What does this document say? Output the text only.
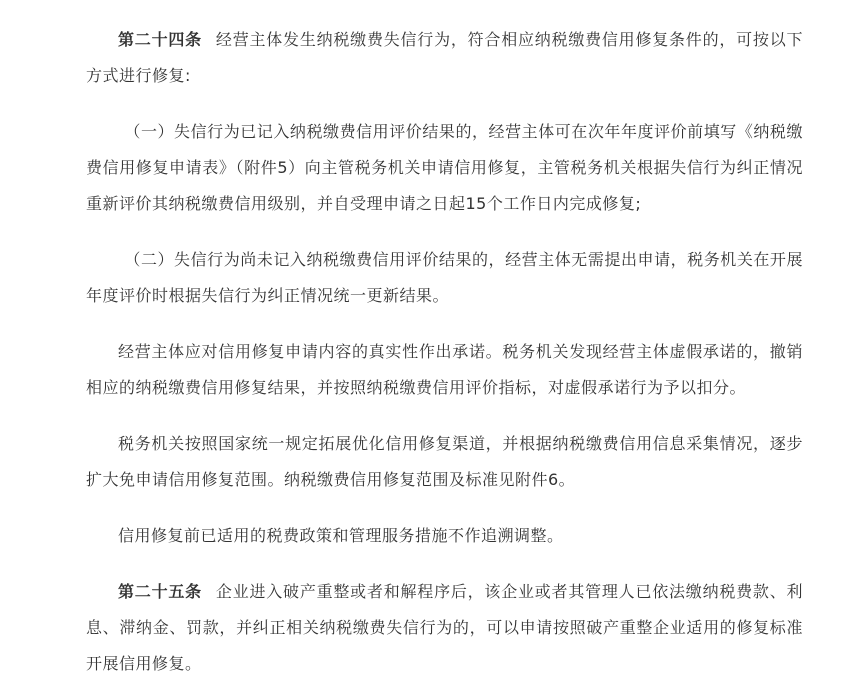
第二十四条 经营主体发生纳税缴费失信行为，符合相应纳税缴费信用修复条件的，可按以下方式进行修复:

（一）失信行为已记入纳税缴费信用评价结果的，经营主体可在次年年度评价前填写《纳税缴费信用修复申请表》（附件5）向主管税务机关申请信用修复，主管税务机关根据失信行为纠正情况重新评价其纳税缴费信用级别，并自受理申请之日起15个工作日内完成修复;

（二）失信行为尚未记入纳税缴费信用评价结果的，经营主体无需提出申请，税务机关在开展年度评价时根据失信行为纠正情况统一更新结果。

经营主体应对信用修复申请内容的真实性作出承诺。税务机关发现经营主体虚假承诺的，撤销相应的纳税缴费信用修复结果，并按照纳税缴费信用评价指标，对虚假承诺行为予以扣分。

税务机关按照国家统一规定拓展优化信用修复渠道，并根据纳税缴费信用信息采集情况，逐步扩大免申请信用修复范围。纳税缴费信用修复范围及标准见附件6。

信用修复前已适用的税费政策和管理服务措施不作追溯调整。

第二十五条 企业进入破产重整或者和解程序后，该企业或者其管理人已依法缴纳税费款、利息、滞纳金、罚款，并纠正相关纳税缴费失信行为的，可以申请按照破产重整企业适用的修复标准开展信用修复。
